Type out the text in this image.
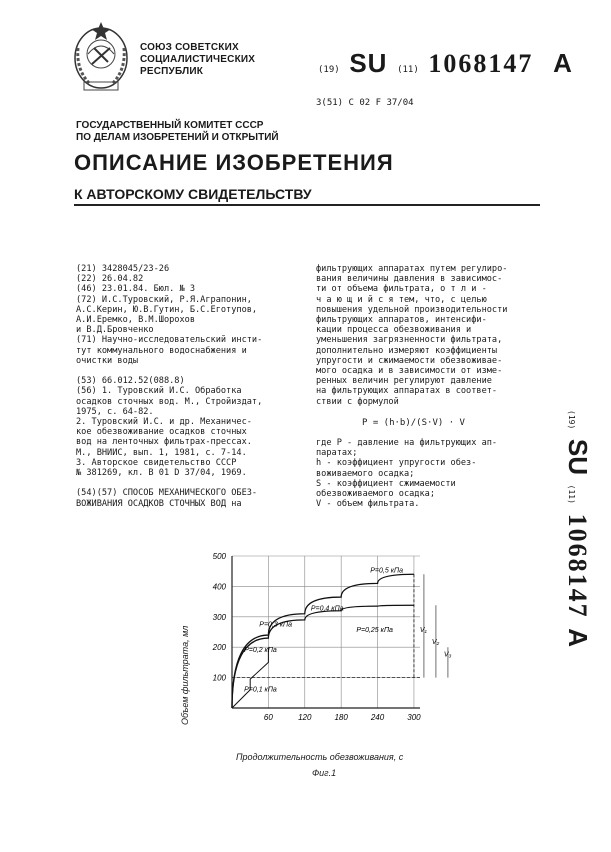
СОЮЗ СОВЕТСКИХ
СОЦИАЛИСТИЧЕСКИХ
РЕСПУБЛИК	(19) SU (11) 1068147 A
3(51) С 02 F 37/04
ГОСУДАРСТВЕННЫЙ КОМИТЕТ СССР
ПО ДЕЛАМ ИЗОБРЕТЕНИЙ И ОТКРЫТИЙ
ОПИСАНИЕ ИЗОБРЕТЕНИЯ
К АВТОРСКОМУ СВИДЕТЕЛЬСТВУ
(21) 3428045/23-26
(22) 26.04.82
(46) 23.01.84. Бюл. № 3
(72) И.С.Туровский, Р.Я.Аграпонин,
А.С.Керин, Ю.В.Гутин, Б.С.Еготупов,
А.И.Еремко, В.М.Шорохов
и В.Д.Бровченко
(71) Научно-исследовательский инсти-
тут коммунального водоснабжения и
очистки воды

(53) 66.012.52(088.8)
(56) 1. Туровский И.С. Обработка
осадков сточных вод. М., Стройиздат,
1975, с. 64-82.
2. Туровский И.С. и др. Механичес-
кое обезвоживание осадков сточных
вод на ленточных фильтрах-прессах.
М., ВНИИС, вып. 1, 1981, с. 7-14.
3. Авторское свидетельство СССР
№ 381269, кл. В 01 D 37/04, 1969.

(54)(57) СПОСОБ МЕХАНИЧЕСКОГО ОБЕЗ-
ВОЖИВАНИЯ ОСАДКОВ СТОЧНЫХ ВОД на
фильтрующих аппаратах путем регулиро-
вания величины давления в зависимос-
ти от объема фильтрата, о т л и -
ч а ю щ и й с я тем, что, с целью
повышения удельной производительности
фильтрующих аппаратов, интенсифи-
кации процесса обезвоживания и
уменьшения загрязненности фильтрата,
дополнительно измеряют коэффициенты
упругости и сжимаемости обезвоживае-
мого осадка и в зависимости от изме-
ренных величин регулируют давление
на фильтрующих аппаратах в соответ-
ствии с формулой
P = (h·b)/(S·V) · V
где P - давление на фильтрующих ап-
паратах;
h - коэффициент упругости обез-
воживаемого осадка;
S - коэффициент сжимаемости
обезвоживаемого осадка;
V - объем фильтрата.
(19) SU (11) 1068147 A
60	120	180	240	300
100
200
300
400
500
P=0,1 кПа
P=0,2 кПа
P=0,3 кПа
P=0,4 кПа
P=0,5 кПа
P=0,25 кПа	V₁
V₂
V₃
Объем фильтрата, мл
Продолжительность обезвоживания, с
Фиг.1
